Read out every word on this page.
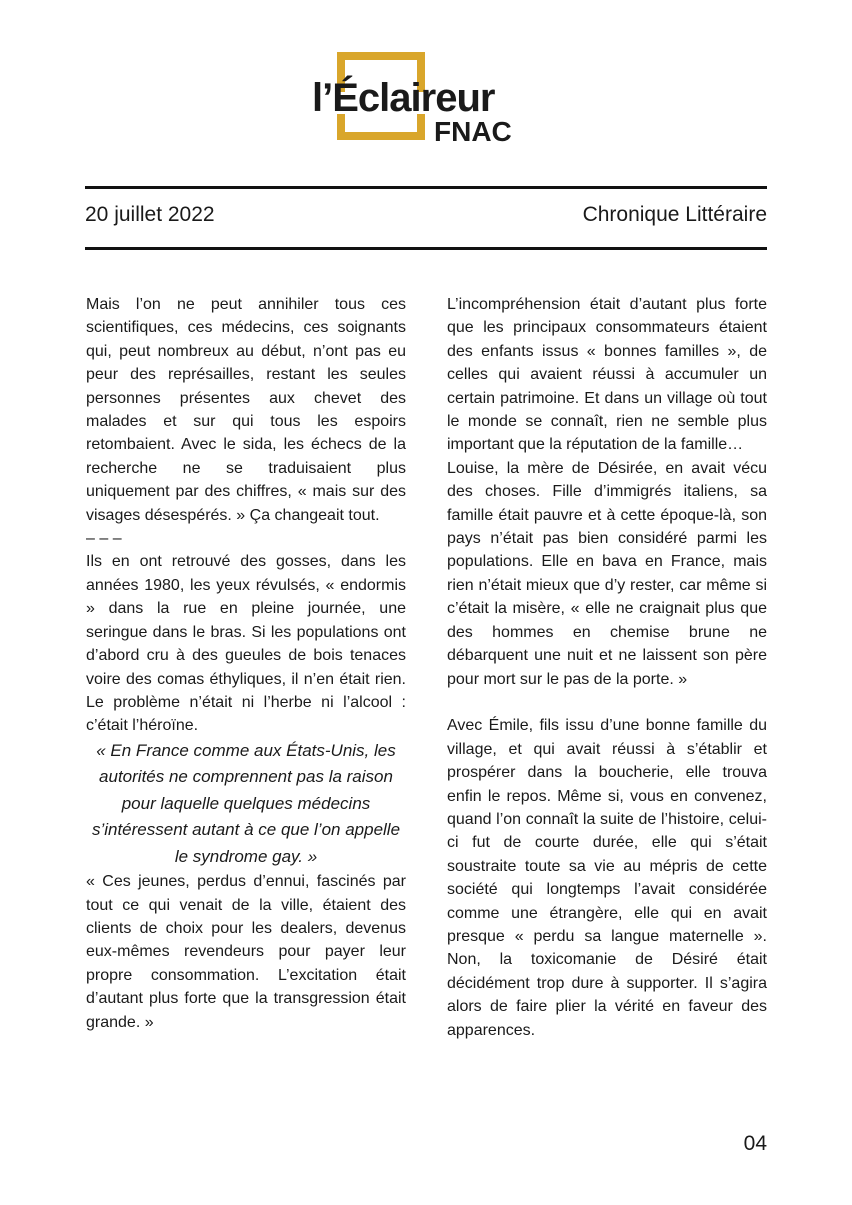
l’Éclaireur
FNAC
20 juillet 2022	Chronique Littéraire

Mais l’on ne peut annihiler tous ces scientifiques, ces médecins, ces soignants qui, peut nombreux au début, n’ont pas eu peur des représailles, restant les seules personnes présentes aux chevet des malades et sur qui tous les espoirs retombaient. Avec le sida, les échecs de la recherche ne se traduisaient plus uniquement par des chiffres, « mais sur des visages désespérés. » Ça changeait tout.

– – –

Ils en ont retrouvé des gosses, dans les années 1980, les yeux révulsés, « endormis » dans la rue en pleine journée, une seringue dans le bras. Si les populations ont d’abord cru à des gueules de bois tenaces voire des comas éthyliques, il n’en était rien. Le problème n’était ni l’herbe ni l’alcool : c’était l’héroïne.

« En France comme aux États-Unis, les autorités ne comprennent pas la raison pour laquelle quelques médecins s’intéressent autant à ce que l’on appelle le syndrome gay. »

« Ces jeunes, perdus d’ennui, fascinés par tout ce qui venait de la ville, étaient des clients de choix pour les dealers, devenus eux-mêmes revendeurs pour payer leur propre consommation. L’excitation était d’autant plus forte que la transgression était grande. »

L’incompréhension était d’autant plus forte que les principaux consommateurs étaient des enfants issus « bonnes familles », de celles qui avaient réussi à accumuler un certain patrimoine. Et dans un village où tout le monde se connaît, rien ne semble plus important que la réputation de la famille…

Louise, la mère de Désirée, en avait vécu des choses. Fille d’immigrés italiens, sa famille était pauvre et à cette époque-là, son pays n’était pas bien considéré parmi les populations. Elle en bava en France, mais rien n’était mieux que d’y rester, car même si c’était la misère, « elle ne craignait plus que des hommes en chemise brune ne débarquent une nuit et ne laissent son père pour mort sur le pas de la porte. »

Avec Émile, fils issu d’une bonne famille du village, et qui avait réussi à s’établir et prospérer dans la boucherie, elle trouva enfin le repos. Même si, vous en convenez, quand l’on connaît la suite de l’histoire, celui-ci fut de courte durée, elle qui s’était soustraite toute sa vie au mépris de cette société qui longtemps l’avait considérée comme une étrangère, elle qui en avait presque « perdu sa langue maternelle ». Non, la toxicomanie de Désiré était décidément trop dure à supporter. Il s’agira alors de faire plier la vérité en faveur des apparences.

04
